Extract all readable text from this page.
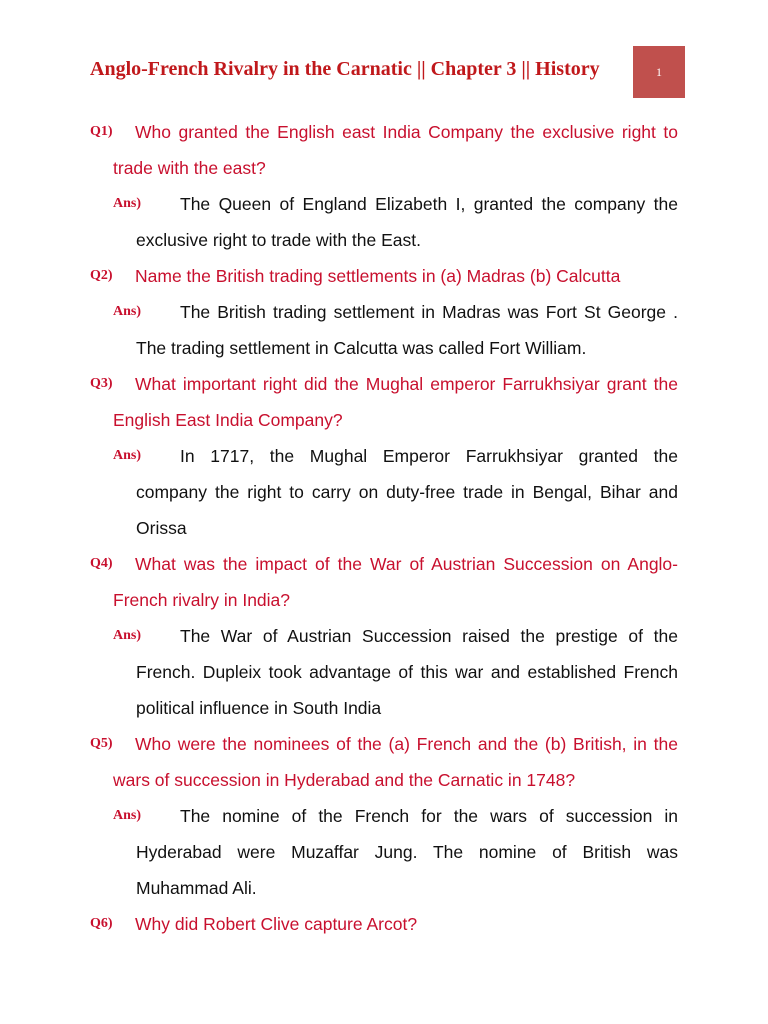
Anglo-French Rivalry in the Carnatic || Chapter 3 || History	1
Q1)	Who granted the English east India Company the exclusive right to trade with the east?
Ans)	The Queen of England Elizabeth I, granted the company the exclusive right to trade with the East.
Q2)	Name the British trading settlements in (a) Madras (b) Calcutta
Ans)	The British trading settlement in Madras was Fort St George . The trading settlement in Calcutta was called Fort William.
Q3)	What important right did the Mughal emperor Farrukhsiyar grant the English East India Company?
Ans)	In 1717, the Mughal Emperor Farrukhsiyar granted the company the right to carry on duty-free trade in Bengal, Bihar and Orissa
Q4)	What was the impact of the War of Austrian Succession on Anglo-French rivalry in India?
Ans)	The War of Austrian Succession raised the prestige of the French. Dupleix took advantage of this war and established French political influence in South India
Q5)	Who were the nominees of the (a) French and the (b) British, in the wars of succession in Hyderabad and the Carnatic in 1748?
Ans)	The nomine of the French for the wars of succession in Hyderabad were Muzaffar Jung. The nomine of British was Muhammad Ali.
Q6)	Why did Robert Clive capture Arcot?
